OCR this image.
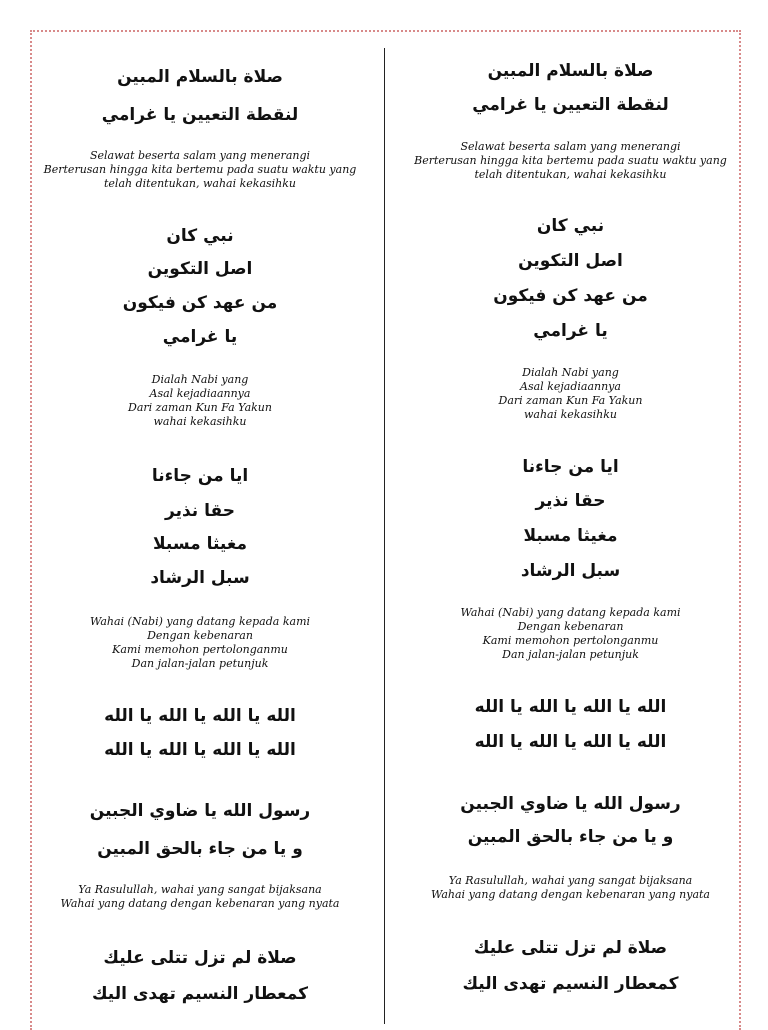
صلاة بالسلام المبين

لنقطة التعيين يا غرامي

Selawat beserta salam yang menerangi
Berterusan hingga kita bertemu pada suatu waktu yang
telah ditentukan, wahai kekasihku

نبي كان

اصل التكوين

من عهد كن فيكون

يا غرامي

Dialah Nabi yang
Asal kejadiaannya
Dari zaman Kun Fa Yakun
wahai kekasihku

ايا من جاءنا

حقا نذير

مغيثا مسبلا

سبل الرشاد

Wahai (Nabi) yang datang kepada kami
Dengan kebenaran
Kami memohon pertolonganmu
Dan jalan-jalan petunjuk

الله يا الله يا الله يا الله

الله يا الله يا الله يا الله

رسول الله يا ضاوي الجبين

و يا من جاء بالحق المبين

Ya Rasulullah, wahai yang sangat bijaksana
Wahai yang datang dengan kebenaran yang nyata

صلاة لم تزل تتلى عليك

كمعطار النسيم تهدى اليك

صلاة بالسلام المبين

لنقطة التعيين يا غرامي

Selawat beserta salam yang menerangi
Berterusan hingga kita bertemu pada suatu waktu yang
telah ditentukan, wahai kekasihku

نبي كان

اصل التكوين

من عهد كن فيكون

يا غرامي

Dialah Nabi yang
Asal kejadiaannya
Dari zaman Kun Fa Yakun
wahai kekasihku

ايا من جاءنا

حقا نذير

مغيثا مسبلا

سبل الرشاد

Wahai (Nabi) yang datang kepada kami
Dengan kebenaran
Kami memohon pertolonganmu
Dan jalan-jalan petunjuk

الله يا الله يا الله يا الله

الله يا الله يا الله يا الله

رسول الله يا ضاوي الجبين

و يا من جاء بالحق المبين

Ya Rasulullah, wahai yang sangat bijaksana
Wahai yang datang dengan kebenaran yang nyata

صلاة لم تزل تتلى عليك

كمعطار النسيم تهدى اليك
